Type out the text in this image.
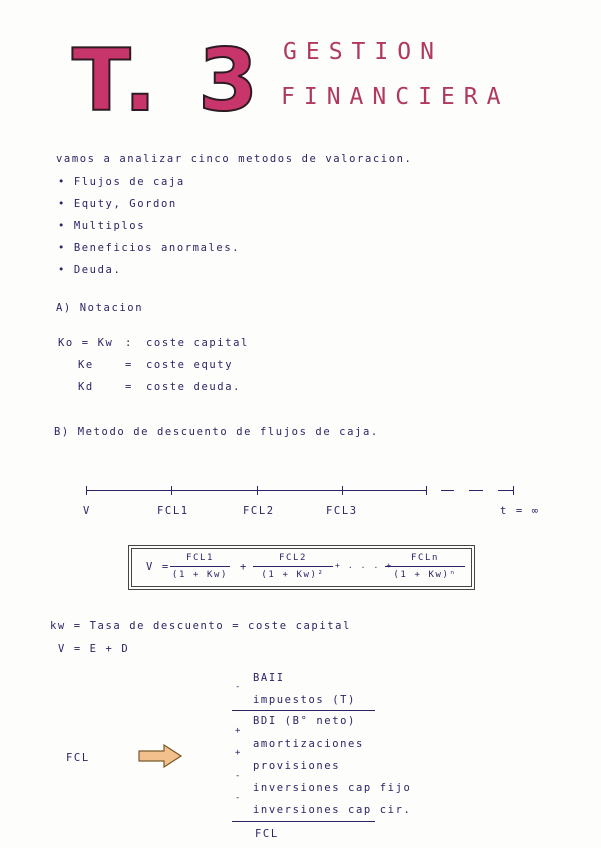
T. 3 GESTION
FINANCIERA
vamos a analizar cinco metodos de valoracion.
• Flujos de caja
• Equty, Gordon
• Multiplos
• Beneficios anormales.
• Deuda.
A) Notacion
Ko = Kw : coste capital
Ke	= coste equty
Kd	= coste deuda.
B) Metodo de descuento de flujos de caja.
V	FCL1	FCL2	FCL3	t = ∞
V =
FCL1
(1 + Kw)
+
FCL2
(1 + Kw)²
+ . . . +
FCLn
(1 + Kw)ⁿ
kw = Tasa de descuento = coste capital
V = E + D
FCL
BAII
-
impuestos (T)
BDI (B° neto)
+
amortizaciones
+
provisiones
-
inversiones cap fijo
-
inversiones cap cir.
FCL
